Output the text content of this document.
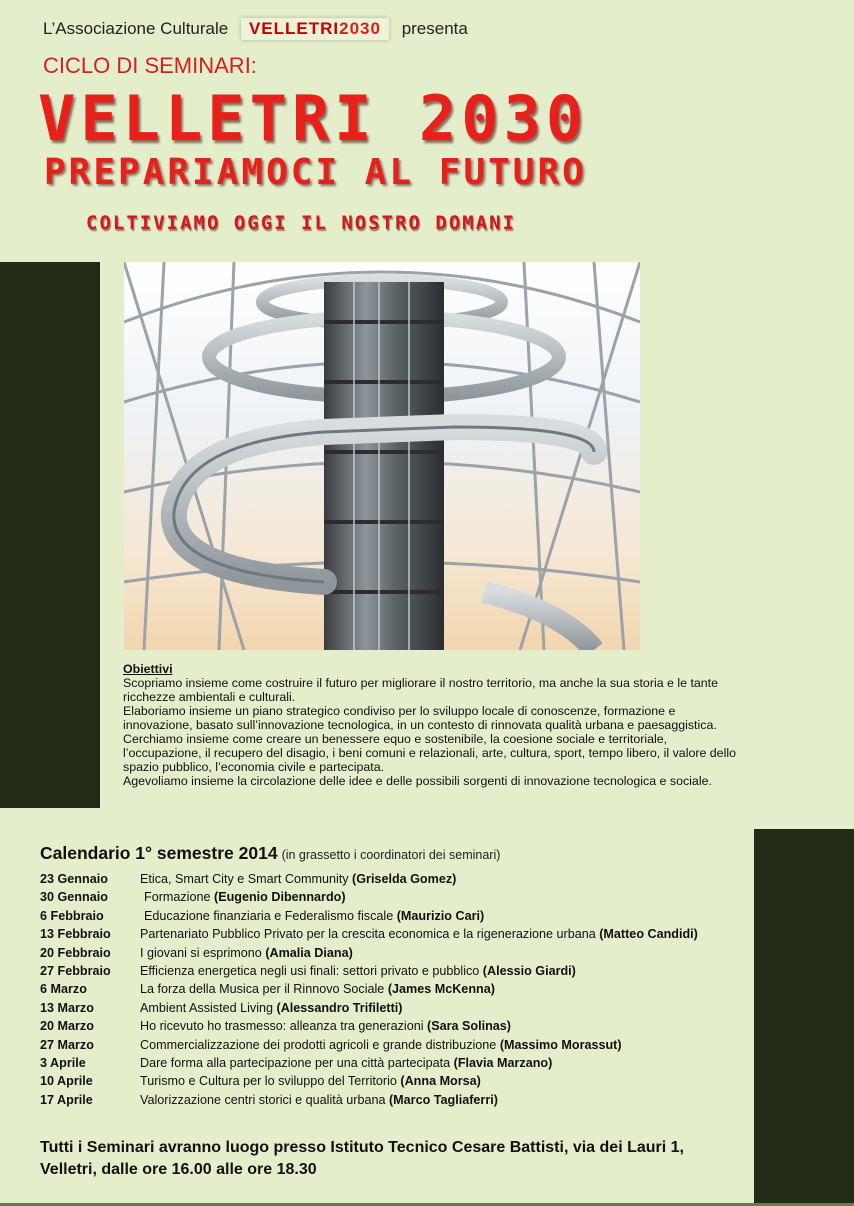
L’Associazione Culturale VELLETRI2030 presenta
CICLO DI SEMINARI:
VELLETRI 2030
PREPARIAMOCI AL FUTURO
COLTIVIAMO OGGI IL NOSTRO DOMANI

Obiettivi

Scopriamo insieme come costruire il futuro per migliorare il nostro territorio, ma anche la sua storia e le tante ricchezze ambientali e culturali.

Elaboriamo insieme un piano strategico condiviso per lo sviluppo locale di conoscenze, formazione e innovazione, basato sull’innovazione tecnologica, in un contesto di rinnovata qualità urbana e paesaggistica.

Cerchiamo insieme come creare un benessere equo e sostenibile, la coesione sociale e territoriale, l’occupazione, il recupero del disagio, i beni comuni e relazionali, arte, cultura, sport, tempo libero, il valore dello spazio pubblico, l’economia civile e partecipata.

Agevoliamo insieme la circolazione delle idee e delle possibili sorgenti di innovazione tecnologica e sociale.

Calendario 1° semestre 2014 (in grassetto i coordinatori dei seminari)
23 Gennaio	Etica, Smart City e Smart Community (Griselda Gomez)
30 Gennaio	Formazione (Eugenio Dibennardo)
6 Febbraio	Educazione finanziaria e Federalismo fiscale (Maurizio Cari)
13 Febbraio Partenariato Pubblico Privato per la crescita economica e la rigenerazione urbana (Matteo Candidi)
20 Febbraio I giovani si esprimono (Amalia Diana)
27 Febbraio Efficienza energetica negli usi finali: settori privato e pubblico (Alessio Giardi)
6 Marzo	La forza della Musica per il Rinnovo Sociale (James McKenna)
13 Marzo	Ambient Assisted Living (Alessandro Trifiletti)
20 Marzo	Ho ricevuto ho trasmesso: alleanza tra generazioni (Sara Solinas)
27 Marzo	Commercializzazione dei prodotti agricoli e grande distribuzione (Massimo Morassut)
3 Aprile	Dare forma alla partecipazione per una città partecipata (Flavia Marzano)
10 Aprile	Turismo e Cultura per lo sviluppo del Territorio (Anna Morsa)
17 Aprile	Valorizzazione centri storici e qualità urbana (Marco Tagliaferri)
Tutti i Seminari avranno luogo presso Istituto Tecnico Cesare Battisti, via dei Lauri 1,
Velletri, dalle ore 16.00 alle ore 18.30
